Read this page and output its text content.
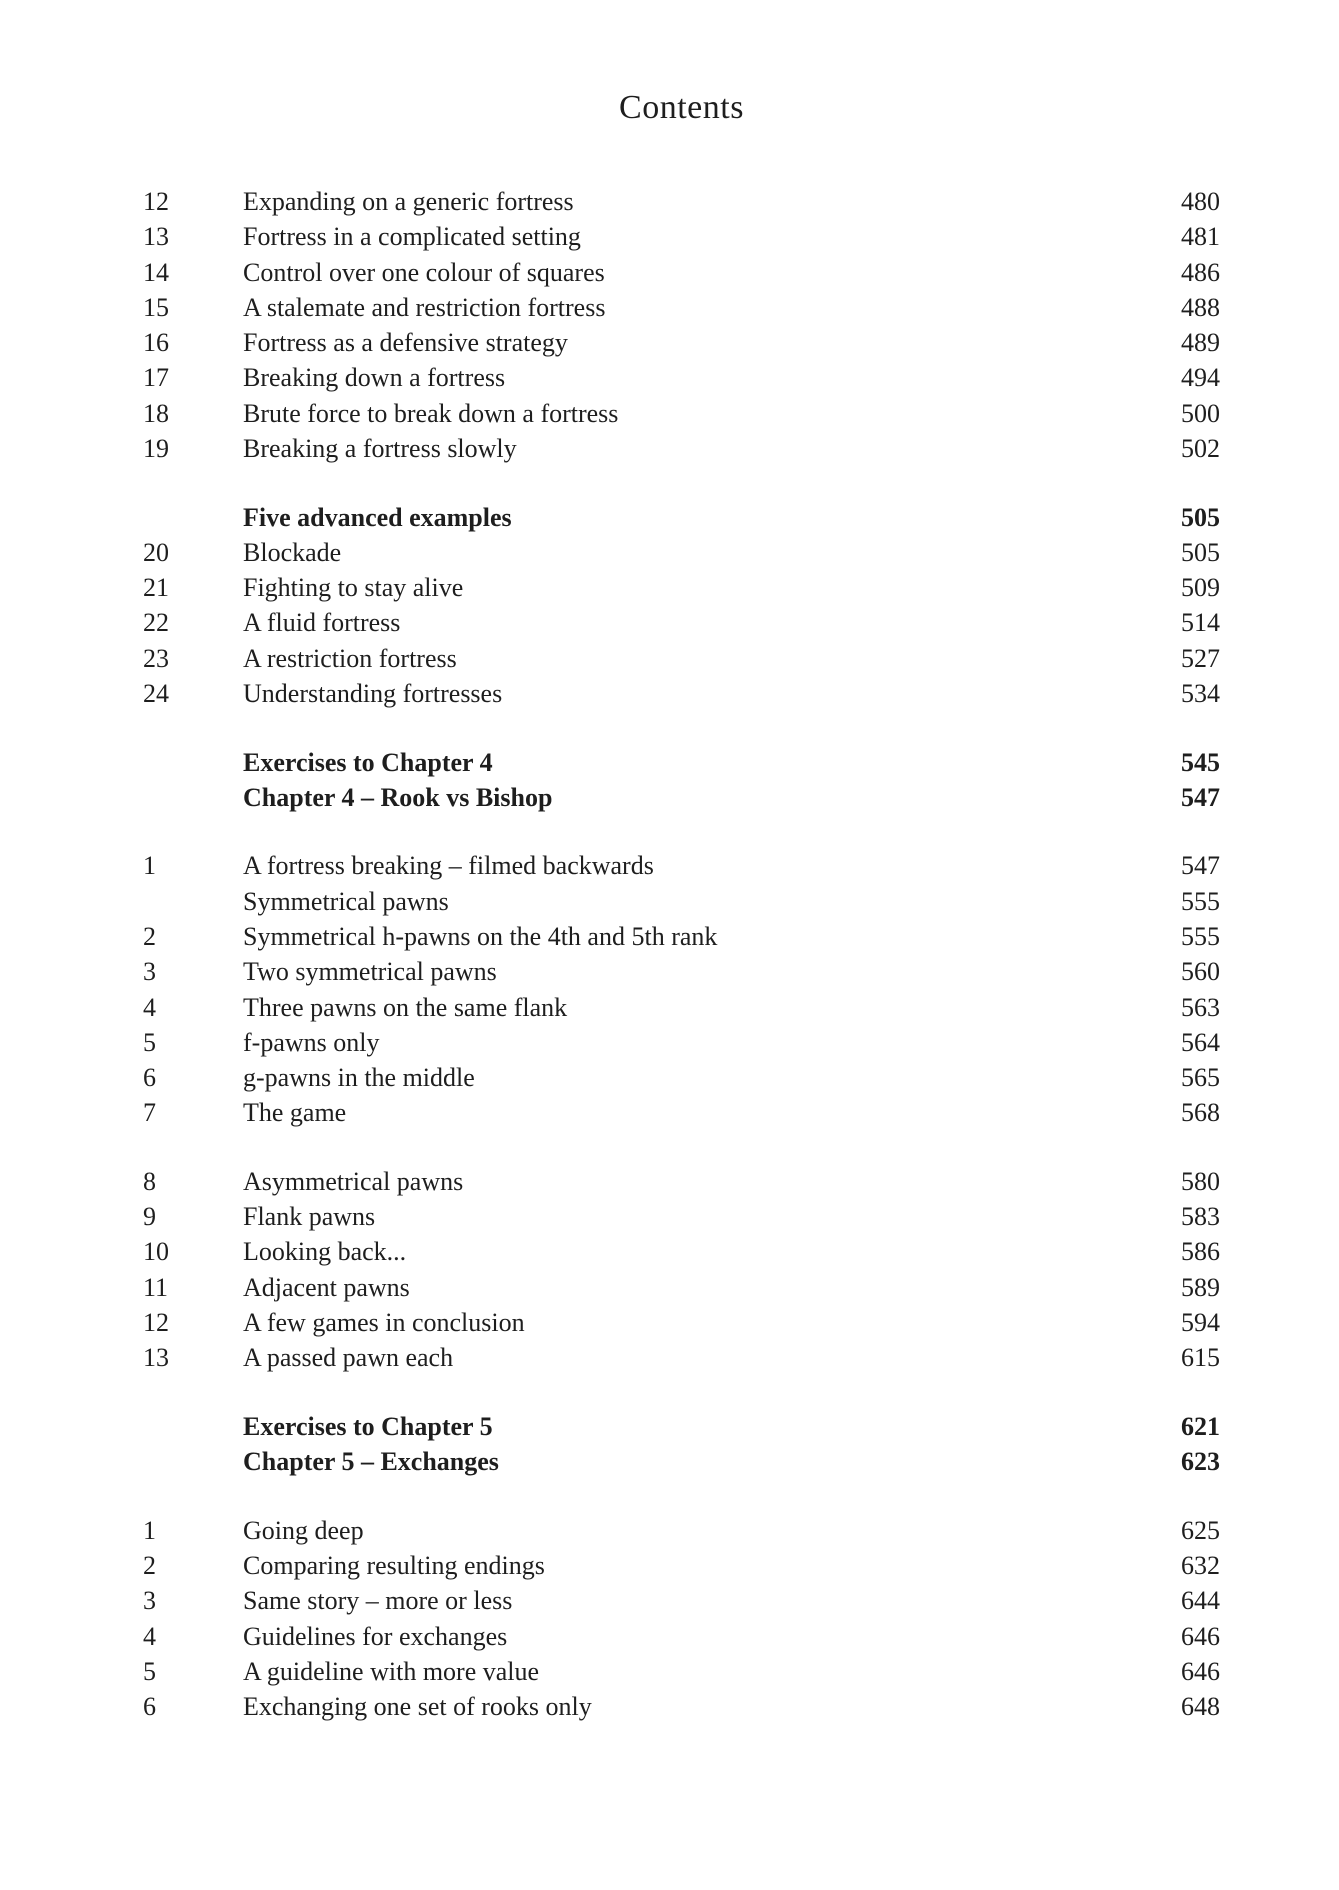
Contents
12	Expanding on a generic fortress	480
13	Fortress in a complicated setting	481
14	Control over one colour of squares	486
15	A stalemate and restriction fortress	488
16	Fortress as a defensive strategy	489
17	Breaking down a fortress	494
18	Brute force to break down a fortress	500
19	Breaking a fortress slowly	502
Five advanced examples	505
20	Blockade	505
21	Fighting to stay alive	509
22	A fluid fortress	514
23	A restriction fortress	527
24	Understanding fortresses	534
Exercises to Chapter 4	545
Chapter 4 – Rook vs Bishop	547
1	A fortress breaking – filmed backwards	547
Symmetrical pawns	555
2	Symmetrical h-pawns on the 4th and 5th rank	555
3	Two symmetrical pawns	560
4	Three pawns on the same flank	563
5	f-pawns only	564
6	g-pawns in the middle	565
7	The game	568
8	Asymmetrical pawns	580
9	Flank pawns	583
10	Looking back...	586
11	Adjacent pawns	589
12	A few games in conclusion	594
13	A passed pawn each	615
Exercises to Chapter 5	621
Chapter 5 – Exchanges	623
1	Going deep	625
2	Comparing resulting endings	632
3	Same story – more or less	644
4	Guidelines for exchanges	646
5	A guideline with more value	646
6	Exchanging one set of rooks only	648
